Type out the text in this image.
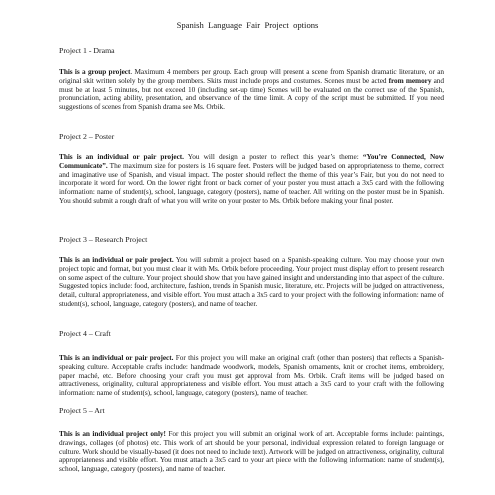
Spanish  Language  Fair  Project  options
Project 1 - Drama

This is a group project. Maximum 4 members per group. Each group will present a scene from Spanish dramatic literature, or an original skit written solely by the group members. Skits must include props and costumes. Scenes must be acted from memory and must be at least 5 minutes, but not exceed 10 (including set-up time) Scenes will be evaluated on the correct use of the Spanish, pronunciation, acting ability, presentation, and observance of the time limit. A copy of the script must be submitted. If you need suggestions of scenes from Spanish drama see Ms. Orbik.

Project 2 – Poster

This is an individual or pair project. You will design a poster to reflect this year’s theme: “You’re Connected, Now Communicate”. The maximum size for posters is 16 square feet. Posters will be judged based on appropriateness to theme, correct and imaginative use of Spanish, and visual impact. The poster should reflect the theme of this year’s Fair, but you do not need to incorporate it word for word. On the lower right front or back corner of your poster you must attach a 3x5 card with the following information: name of student(s), school, language, category (posters), name of teacher. All writing on the poster must be in Spanish. You should submit a rough draft of what you will write on your poster to Ms. Orbik before making your final poster.

Project 3 – Research Project

This is an individual or pair project. You will submit a project based on a Spanish-speaking culture. You may choose your own project topic and format, but you must clear it with Ms. Orbik before proceeding. Your project must display effort to present research on some aspect of the culture. Your project should show that you have gained insight and understanding into that aspect of the culture. Suggested topics include: food, architecture, fashion, trends in Spanish music, literature, etc. Projects will be judged on attractiveness, detail, cultural appropriateness, and visible effort. You must attach a 3x5 card to your project with the following information: name of student(s), school, language, category (posters), and name of teacher.

Project 4 – Craft

This is an individual or pair project. For this project you will make an original craft (other than posters) that reflects a Spanish-speaking culture. Acceptable crafts include: handmade woodwork, models, Spanish ornaments, knit or crochet items, embroidery, paper maché, etc. Before choosing your craft you must get approval from Ms. Orbik. Craft items will be judged based on attractiveness, originality, cultural appropriateness and visible effort. You must attach a 3x5 card to your craft with the following information: name of student(s), school, language, category (posters), name of teacher.

Project 5 – Art

This is an individual project only! For this project you will submit an original work of art. Acceptable forms include: paintings, drawings, collages (of photos) etc. This work of art should be your personal, individual expression related to foreign language or culture. Work should be visually-based (it does not need to include text). Artwork will be judged on attractiveness, originality, cultural appropriateness and visible effort. You must attach a 3x5 card to your art piece with the following information: name of student(s), school, language, category (posters), and name of teacher.
